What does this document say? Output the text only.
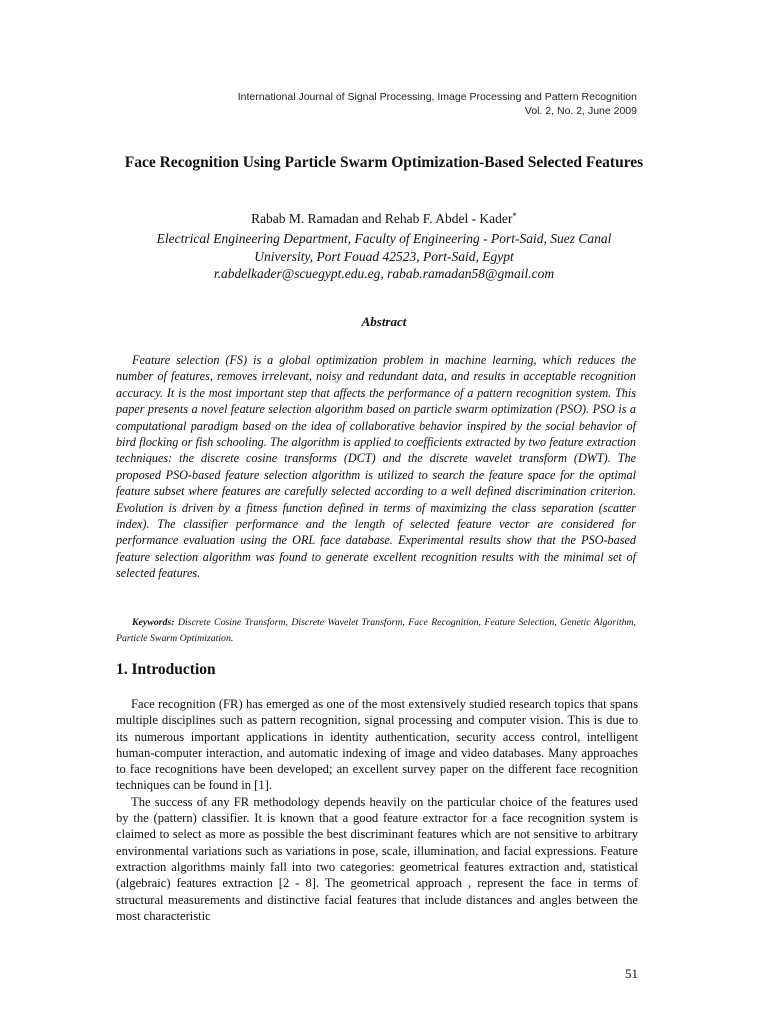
International Journal of Signal Processing, Image Processing and Pattern Recognition
Vol. 2, No. 2, June 2009
Face Recognition Using Particle Swarm Optimization-Based Selected Features
Rabab M. Ramadan and Rehab F. Abdel - Kader*
Electrical Engineering Department, Faculty of Engineering - Port-Said, Suez Canal
University, Port Fouad 42523, Port-Said, Egypt
r.abdelkader@scuegypt.edu.eg, rabab.ramadan58@gmail.com
Abstract

Feature selection (FS) is a global optimization problem in machine learning, which reduces the number of features, removes irrelevant, noisy and redundant data, and results in acceptable recognition accuracy. It is the most important step that affects the performance of a pattern recognition system. This paper presents a novel feature selection algorithm based on particle swarm optimization (PSO). PSO is a computational paradigm based on the idea of collaborative behavior inspired by the social behavior of bird flocking or fish schooling. The algorithm is applied to coefficients extracted by two feature extraction techniques: the discrete cosine transforms (DCT) and the discrete wavelet transform (DWT). The proposed PSO-based feature selection algorithm is utilized to search the feature space for the optimal feature subset where features are carefully selected according to a well defined discrimination criterion. Evolution is driven by a fitness function defined in terms of maximizing the class separation (scatter index). The classifier performance and the length of selected feature vector are considered for performance evaluation using the ORL face database. Experimental results show that the PSO-based feature selection algorithm was found to generate excellent recognition results with the minimal set of selected features.

Keywords: Discrete Cosine Transform, Discrete Wavelet Transform, Face Recognition, Feature Selection, Genetic Algorithm, Particle Swarm Optimization.

1. Introduction

Face recognition (FR) has emerged as one of the most extensively studied research topics that spans multiple disciplines such as pattern recognition, signal processing and computer vision. This is due to its numerous important applications in identity authentication, security access control, intelligent human-computer interaction, and automatic indexing of image and video databases. Many approaches to face recognitions have been developed; an excellent survey paper on the different face recognition techniques can be found in [1].

The success of any FR methodology depends heavily on the particular choice of the features used by the (pattern) classifier. It is known that a good feature extractor for a face recognition system is claimed to select as more as possible the best discriminant features which are not sensitive to arbitrary environmental variations such as variations in pose, scale, illumination, and facial expressions. Feature extraction algorithms mainly fall into two categories: geometrical features extraction and, statistical (algebraic) features extraction [2 - 8]. The geometrical approach , represent the face in terms of structural measurements and distinctive facial features that include distances and angles between the most characteristic

51
